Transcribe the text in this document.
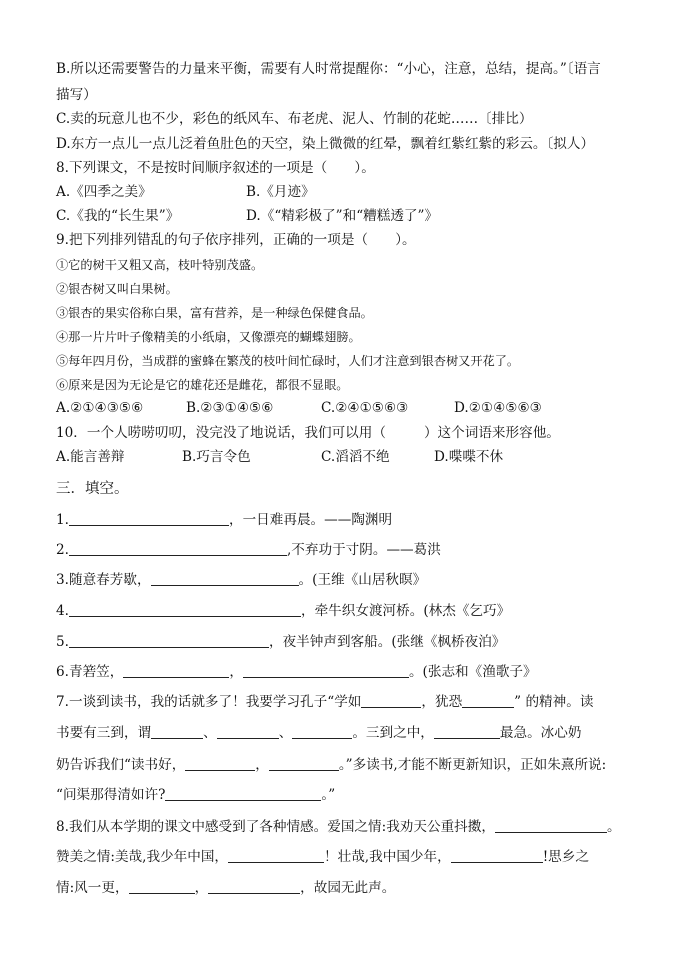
B.所以还需要警告的力量来平衡，需要有人时常提醒你：“小心，注意，总结，提高。”〔语言
描写）
C.卖的玩意儿也不少，彩色的纸风车、布老虎、泥人、竹制的花蛇……〔排比）
D.东方一点儿一点儿泛着鱼肚色的天空，染上微微的红晕，飘着红紫红紫的彩云。〔拟人）
8.下列课文，不是按时间顺序叙述的一项是（　　）。
A.《四季之美》	B.《月迹》
C.《我的“长生果”》	D.《“精彩极了”和“糟糕透了”》
9.把下列排列错乱的句子依序排列，正确的一项是（　　）。
①它的树干又粗又高，枝叶特别茂盛。
②银杏树又叫白果树。
③银杏的果实俗称白果，富有营养，是一种绿色保健食品。
④那一片片叶子像精美的小纸扇，又像漂亮的蝴蝶翅膀。
⑤每年四月份，当成群的蜜蜂在繁茂的枝叶间忙碌时，人们才注意到银杏树又开花了。
⑥原来是因为无论是它的雄花还是雌花，都很不显眼。
A.②①④③⑤⑥	B.②③①④⑤⑥	C.②④①⑤⑥③	D.②①④⑤⑥③
10．一个人唠唠叨叨，没完没了地说话，我们可以用（	）这个词语来形容他。
A.能言善辩	B.巧言令色	C.滔滔不绝	D.喋喋不休
三．填空。
1.	，一日难再晨。——陶渊明
2.	,不弃功于寸阴。——葛洪
3.随意春芳歇，	。(王维《山居秋暝》
4.	，牵牛织女渡河桥。(林杰《乞巧》
5.	，夜半钟声到客船。(张继《枫桥夜泊》
6.青箬笠，	，	。(张志和《渔歌子》
7.一谈到读书，我的话就多了！我要学习孔子“学如	，犹恐	” 的精神。读
书要有三到，谓	、	、	。三到之中，	最急。冰心奶
奶告诉我们“读书好，	，	。”多读书,才能不断更新知识，正如朱熹所说:
“问渠那得清如许?	。”
8.我们从本学期的课文中感受到了各种情感。爱国之情:我劝天公重抖擞，	。
赞美之情:美哉,我少年中国，	！壮哉,我中国少年，	!思乡之
情:风一更，	，	，故园无此声。
